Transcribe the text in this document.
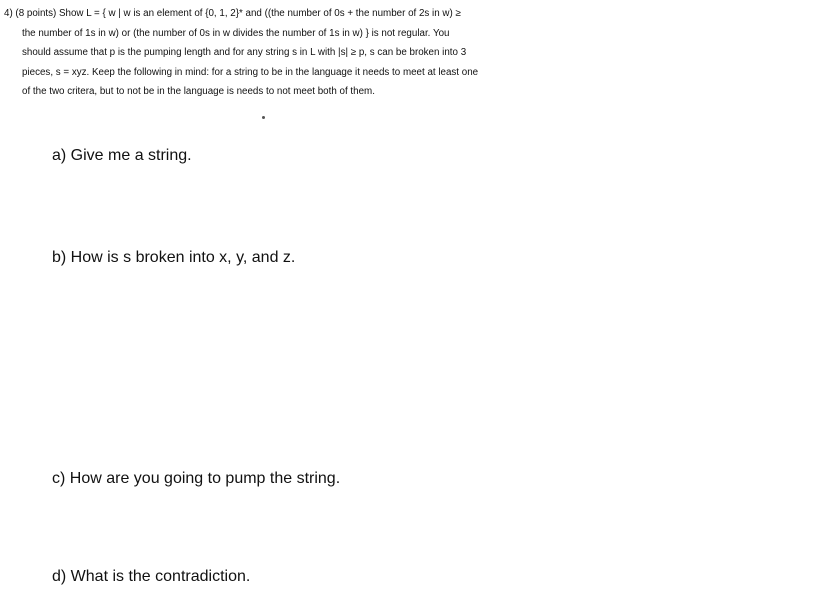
4) (8 points) Show L = { w | w is an element of {0, 1, 2}* and ((the number of 0s + the number of 2s in w) ≥
the number of 1s in w) or (the number of 0s in w divides the number of 1s in w) } is not regular. You
should assume that p is the pumping length and for any string s in L with |s| ≥ p, s can be broken into 3
pieces, s = xyz. Keep the following in mind: for a string to be in the language it needs to meet at least one
of the two critera, but to not be in the language is needs to not meet both of them.
a) Give me a string.
b) How is s broken into x, y, and z.
c) How are you going to pump the string.
d) What is the contradiction.
